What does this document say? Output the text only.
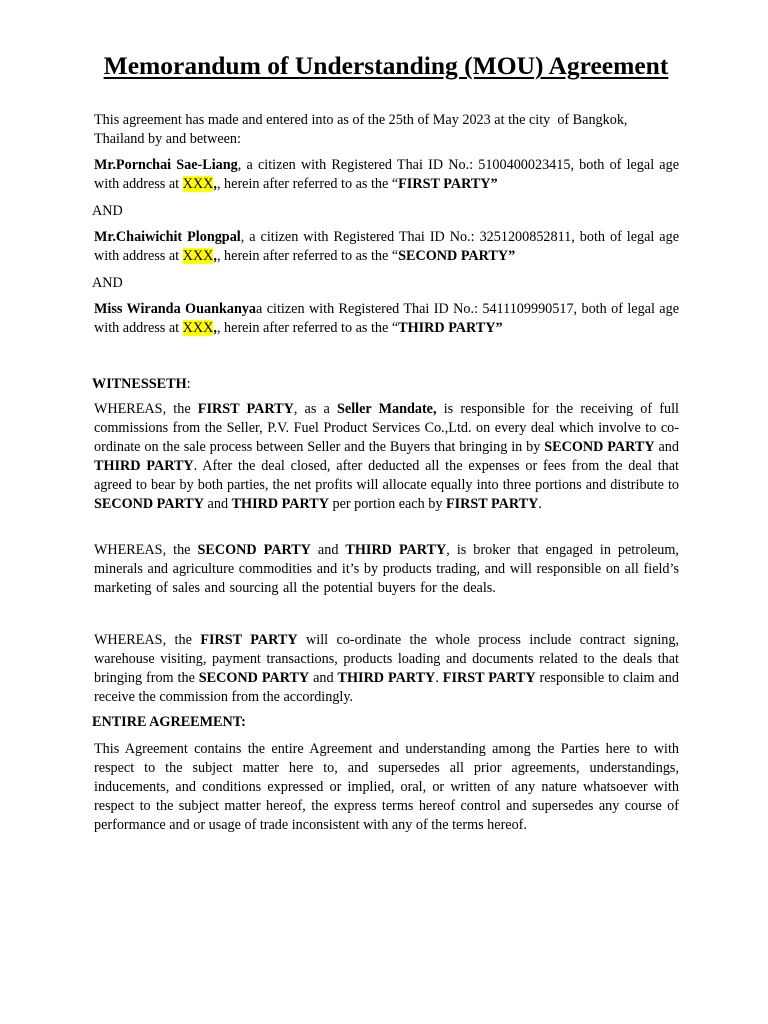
Memorandum of Understanding (MOU) Agreement
This agreement has made and entered into as of the 25th of May 2023 at the city  of Bangkok, Thailand by and between:
Mr.Pornchai Sae-Liang, a citizen with Registered Thai ID No.: 5100400023415, both of legal age with address at XXX,, herein after referred to as the “FIRST PARTY”
AND
Mr.Chaiwichit Plongpal, a citizen with Registered Thai ID No.: 3251200852811, both of legal age with address at XXX,, herein after referred to as the “SECOND PARTY”
AND
Miss Wiranda Ouankanyaa citizen with Registered Thai ID No.: 5411109990517, both of legal age with address at XXX,, herein after referred to as the “THIRD PARTY”
WITNESSETH:
WHEREAS, the FIRST PARTY, as a Seller Mandate, is responsible for the receiving of full commissions from the Seller, P.V. Fuel Product Services Co.,Ltd. on every deal which involve to co-ordinate on the sale process between Seller and the Buyers that bringing in by SECOND PARTY and THIRD PARTY. After the deal closed, after deducted all the expenses or fees from the deal that agreed to bear by both parties, the net profits will allocate equally into three portions and distribute to SECOND PARTY and THIRD PARTY per portion each by FIRST PARTY.
WHEREAS, the SECOND PARTY and THIRD PARTY, is broker that engaged in petroleum, minerals and agriculture commodities and it’s by products trading, and will responsible on all field’s marketing of sales and sourcing all the potential buyers for the deals.
WHEREAS, the FIRST PARTY will co-ordinate the whole process include contract signing, warehouse visiting, payment transactions, products loading and documents related to the deals that bringing from the SECOND PARTY and THIRD PARTY. FIRST PARTY responsible to claim and receive the commission from the accordingly.
ENTIRE AGREEMENT:
This Agreement contains the entire Agreement and understanding among the Parties here to with respect to the subject matter here to, and supersedes all prior agreements, understandings, inducements, and conditions expressed or implied, oral, or written of any nature whatsoever with respect to the subject matter hereof, the express terms hereof control and supersedes any course of performance and or usage of trade inconsistent with any of the terms hereof.
